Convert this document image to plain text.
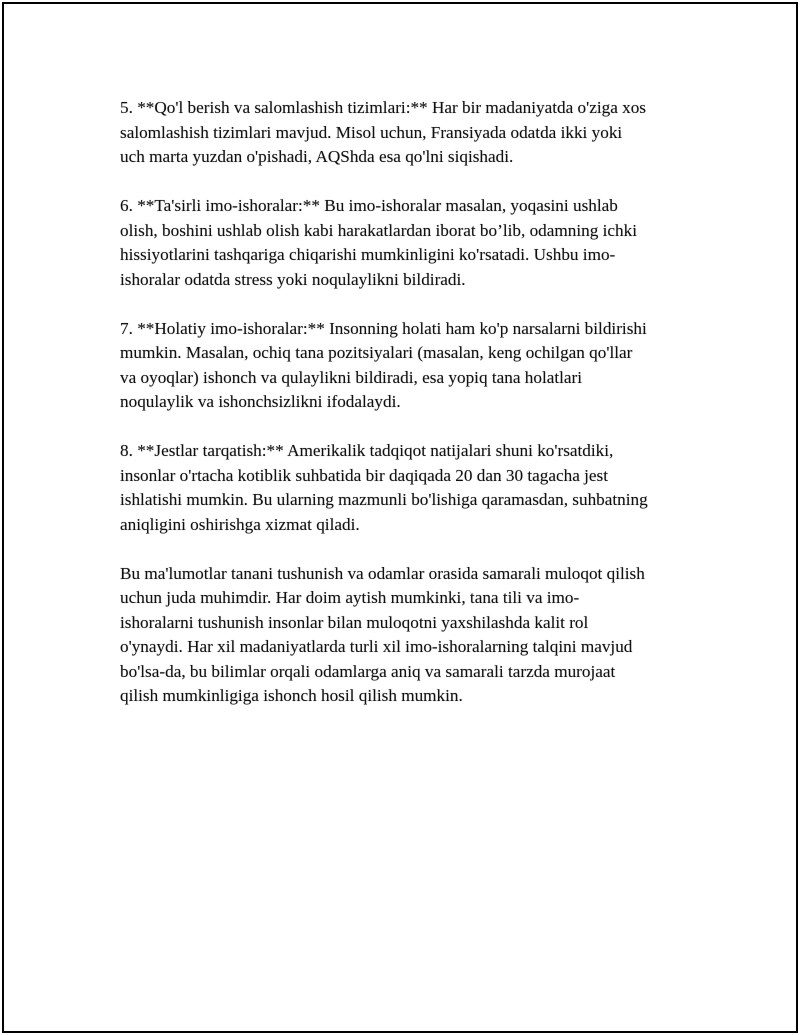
5. **Qo'l berish va salomlashish tizimlari:** Har bir madaniyatda o'ziga xos
salomlashish tizimlari mavjud. Misol uchun, Fransiyada odatda ikki yoki
uch marta yuzdan o'pishadi, AQShda esa qo'lni siqishadi.

6. **Ta'sirli imo-ishoralar:** Bu imo-ishoralar masalan, yoqasini ushlab
olish, boshini ushlab olish kabi harakatlardan iborat bo’lib, odamning ichki
hissiyotlarini tashqariga chiqarishi mumkinligini ko'rsatadi. Ushbu imo-
ishoralar odatda stress yoki noqulaylikni bildiradi.

7. **Holatiy imo-ishoralar:** Insonning holati ham ko'p narsalarni bildirishi
mumkin. Masalan, ochiq tana pozitsiyalari (masalan, keng ochilgan qo'llar
va oyoqlar) ishonch va qulaylikni bildiradi, esa yopiq tana holatlari
noqulaylik va ishonchsizlikni ifodalaydi.

8. **Jestlar tarqatish:** Amerikalik tadqiqot natijalari shuni ko'rsatdiki,
insonlar o'rtacha kotiblik suhbatida bir daqiqada 20 dan 30 tagacha jest
ishlatishi mumkin. Bu ularning mazmunli bo'lishiga qaramasdan, suhbatning
aniqligini oshirishga xizmat qiladi.

Bu ma'lumotlar tanani tushunish va odamlar orasida samarali muloqot qilish
uchun juda muhimdir. Har doim aytish mumkinki, tana tili va imo-
ishoralarni tushunish insonlar bilan muloqotni yaxshilashda kalit rol
o'ynaydi. Har xil madaniyatlarda turli xil imo-ishoralarning talqini mavjud
bo'lsa-da, bu bilimlar orqali odamlarga aniq va samarali tarzda murojaat
qilish mumkinligiga ishonch hosil qilish mumkin.
